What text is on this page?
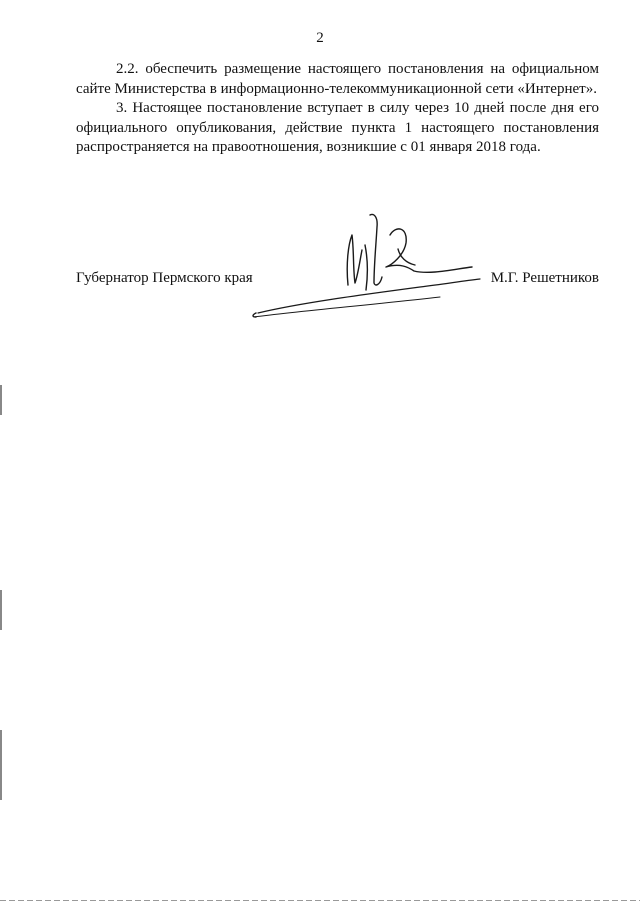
2

2.2. обеспечить размещение настоящего постановления на официальном сайте Министерства в информационно-телекоммуникационной сети «Интернет».

3. Настоящее постановление вступает в силу через 10 дней после дня его официального опубликования, действие пункта 1 настоящего постановления распространяется на правоотношения, возникшие с 01 января 2018 года.

Губернатор Пермского края	М.Г. Решетников
